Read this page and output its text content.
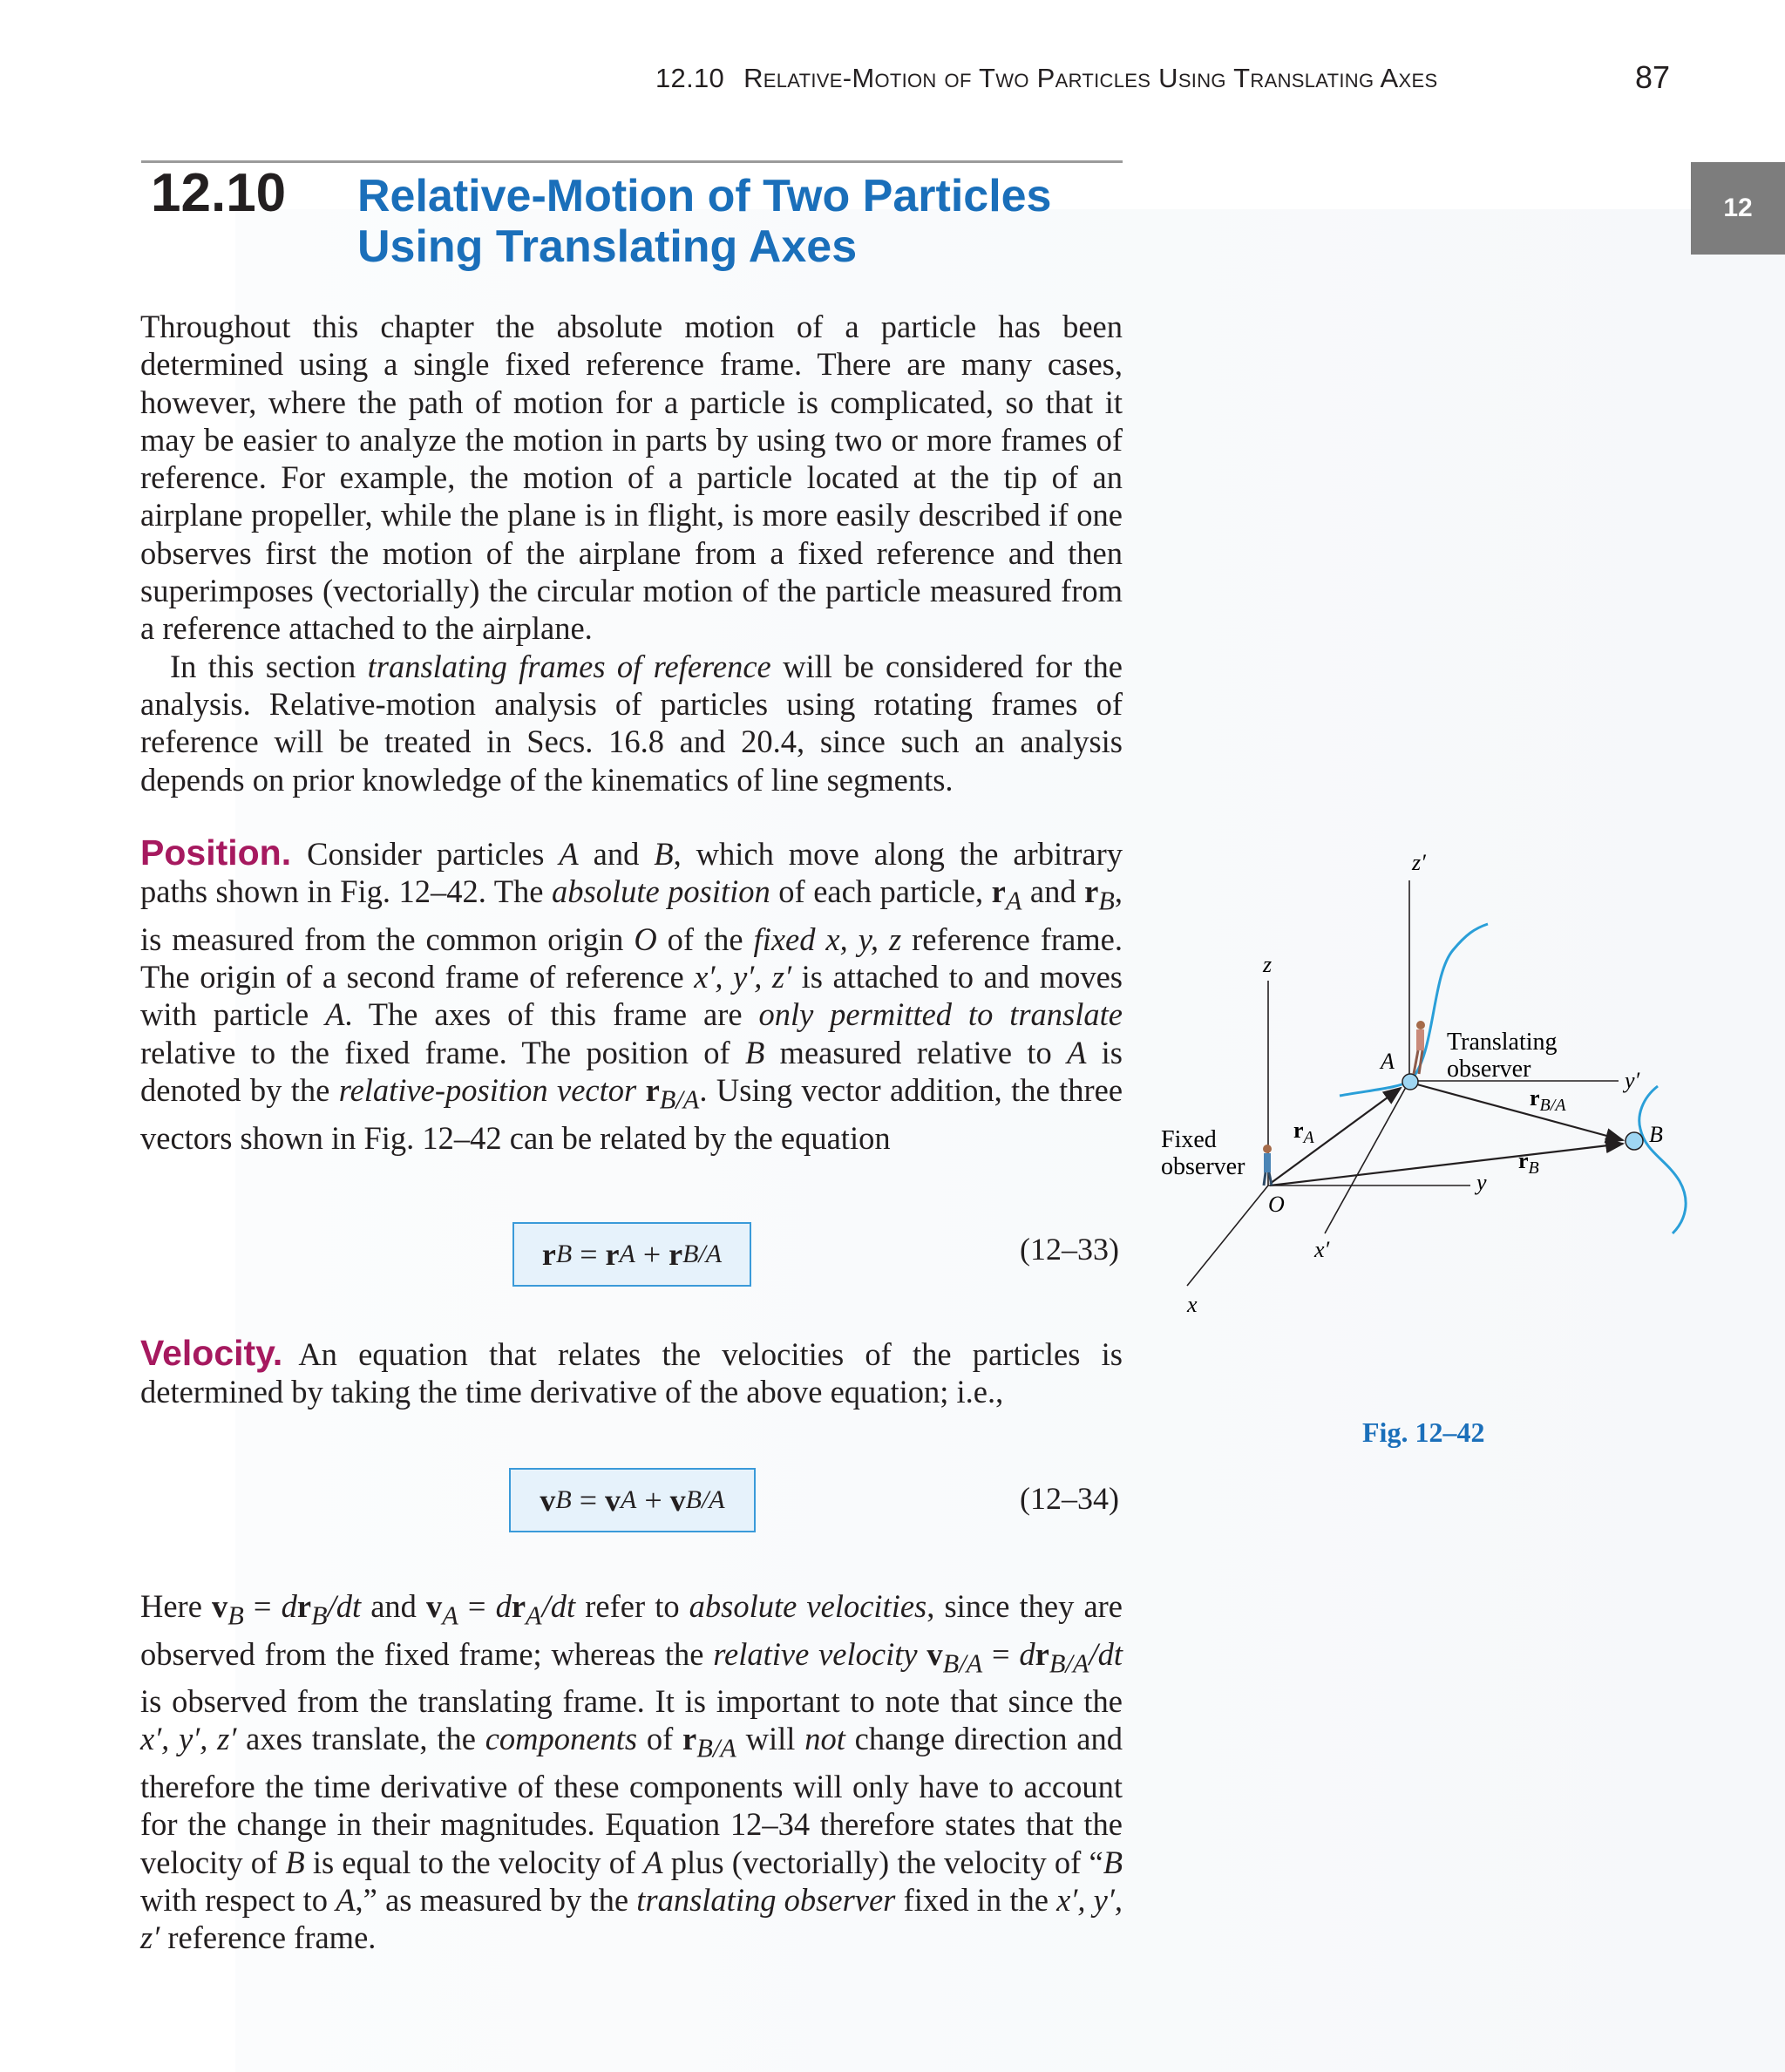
12.10 Relative-Motion of Two Particles Using Translating Axes	87
12
12.10 Relative-Motion of Two Particles
Using Translating Axes

Throughout this chapter the absolute motion of a particle has been determined using a single fixed reference frame. There are many cases, however, where the path of motion for a particle is complicated, so that it may be easier to analyze the motion in parts by using two or more frames of reference. For example, the motion of a particle located at the tip of an airplane propeller, while the plane is in flight, is more easily described if one observes first the motion of the airplane from a fixed reference and then superimposes (vectorially) the circular motion of the particle measured from a reference attached to the airplane.

In this section translating frames of reference will be considered for the analysis. Relative-motion analysis of particles using rotating frames of reference will be treated in Secs. 16.8 and 20.4, since such an analysis depends on prior knowledge of the kinematics of line segments.

Position. Consider particles A and B, which move along the arbitrary paths shown in Fig. 12–42. The absolute position of each particle, $r_A$ and $r_B$, is measured from the common origin O of the fixed x, y, z reference frame. The origin of a second frame of reference x′, y′, z′ is attached to and moves with particle A. The axes of this frame are only permitted to translate relative to the fixed frame. The position of B measured relative to A is denoted by the relative-position vector $r_{B/A}$. Using vector addition, the three vectors shown in Fig. 12–42 can be related by the equation

r B = r A + r B/A	(12–33)

Velocity. An equation that relates the velocities of the particles is determined by taking the time derivative of the above equation; i.e.,

v B = v A + v B/A	(12–34)

Here $v_B = dr_B/dt$ and $v_A = dr_A/dt$ refer to absolute velocities, since they are observed from the fixed frame; whereas the relative velocity $v_{B/A} = dr_{B/A}/dt$ is observed from the translating frame. It is important to note that since the x′, y′, z′ axes translate, the components of $r_{B/A}$ will not change direction and therefore the time derivative of these components will only have to account for the change in their magnitudes. Equation 12–34 therefore states that the velocity of B is equal to the velocity of A plus (vectorially) the velocity of “B with respect to A,” as measured by the translating observer fixed in the x′, y′, z′ reference frame.

z
z′
y
y′
x
x′
O
A
B
Translating
observer
Fixed
observer
$r_A$
$r_B$
$r_{B/A}$
Fig. 12–42
